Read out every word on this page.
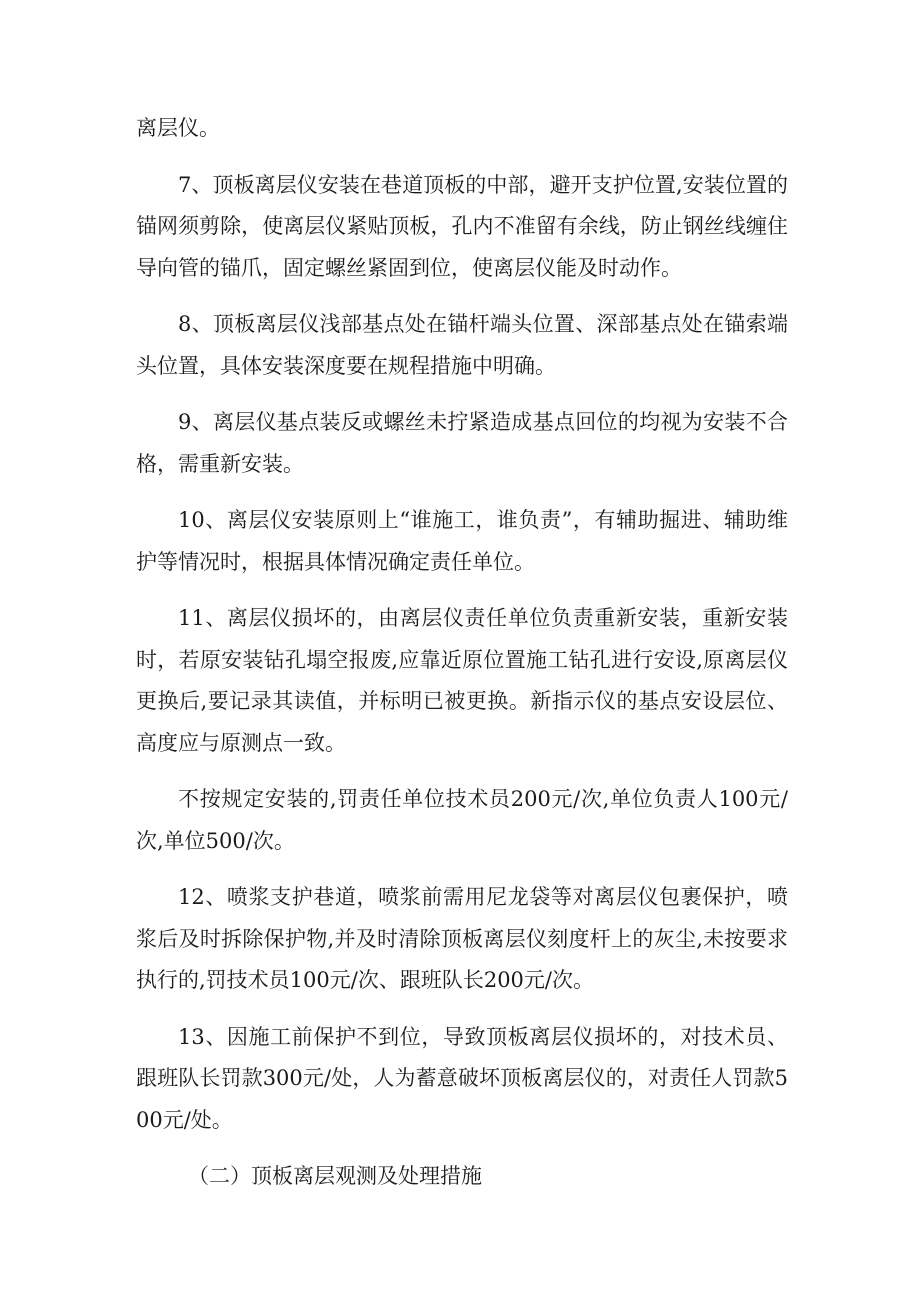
离层仪。

7、顶板离层仪安装在巷道顶板的中部，避开支护位置,安装位置的锚网须剪除，使离层仪紧贴顶板，孔内不准留有余线，防止钢丝线缠住导向管的锚爪，固定螺丝紧固到位，使离层仪能及时动作。

8、顶板离层仪浅部基点处在锚杆端头位置、深部基点处在锚索端头位置，具体安装深度要在规程措施中明确。

9、离层仪基点装反或螺丝未拧紧造成基点回位的均视为安装不合格，需重新安装。

10、离层仪安装原则上“谁施工，谁负责”，有辅助掘进、辅助维护等情况时，根据具体情况确定责任单位。

11、离层仪损坏的，由离层仪责任单位负责重新安装，重新安装时，若原安装钻孔塌空报废,应靠近原位置施工钻孔进行安设,原离层仪更换后,要记录其读值，并标明已被更换。新指示仪的基点安设层位、高度应与原测点一致。

不按规定安装的,罚责任单位技术员200元/次,单位负责人100元/次,单位500/次。

12、喷浆支护巷道，喷浆前需用尼龙袋等对离层仪包裹保护，喷浆后及时拆除保护物,并及时清除顶板离层仪刻度杆上的灰尘,未按要求执行的,罚技术员100元/次、跟班队长200元/次。

13、因施工前保护不到位，导致顶板离层仪损坏的，对技术员、跟班队长罚款300元/处，人为蓄意破坏顶板离层仪的，对责任人罚款500元/处。

（二）顶板离层观测及处理措施
